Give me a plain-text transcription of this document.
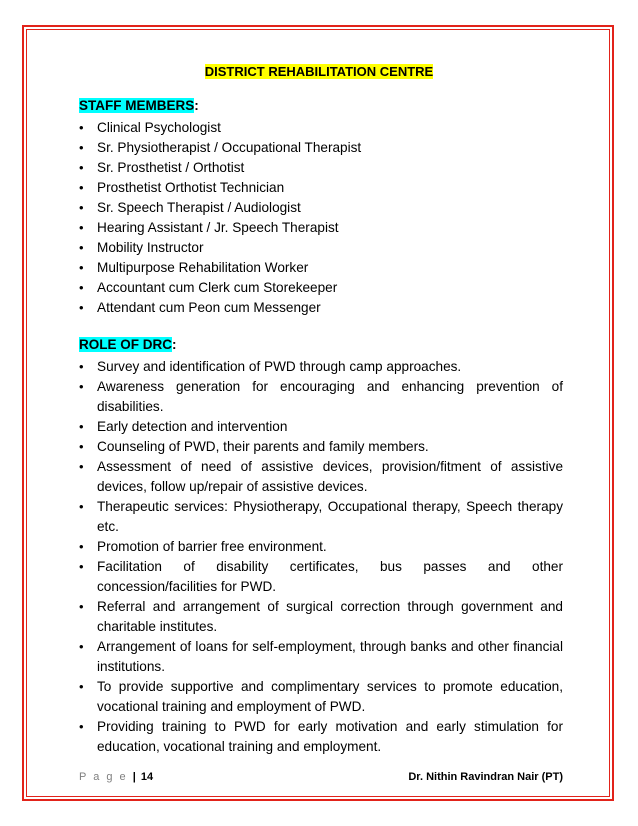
DISTRICT REHABILITATION CENTRE
STAFF MEMBERS:
• Clinical Psychologist
• Sr. Physiotherapist / Occupational Therapist
• Sr. Prosthetist / Orthotist
• Prosthetist Orthotist Technician
• Sr. Speech Therapist / Audiologist
• Hearing Assistant / Jr. Speech Therapist
• Mobility Instructor
• Multipurpose Rehabilitation Worker
• Accountant cum Clerk cum Storekeeper
• Attendant cum Peon cum Messenger
ROLE OF DRC:
• Survey and identification of PWD through camp approaches.
• Awareness generation for encouraging and enhancing prevention of disabilities.
• Early detection and intervention
• Counseling of PWD, their parents and family members.
• Assessment of need of assistive devices, provision/fitment of assistive devices, follow up/repair of assistive devices.
• Therapeutic services: Physiotherapy, Occupational therapy, Speech therapy etc.
• Promotion of barrier free environment.
• Facilitation of disability certificates, bus passes and other concession/facilities for PWD.
• Referral and arrangement of surgical correction through government and charitable institutes.
• Arrangement of loans for self-employment, through banks and other financial institutions.
• To provide supportive and complimentary services to promote education, vocational training and employment of PWD.
• Providing training to PWD for early motivation and early stimulation for education, vocational training and employment.
P a g e | 14	Dr. Nithin Ravindran Nair (PT)
